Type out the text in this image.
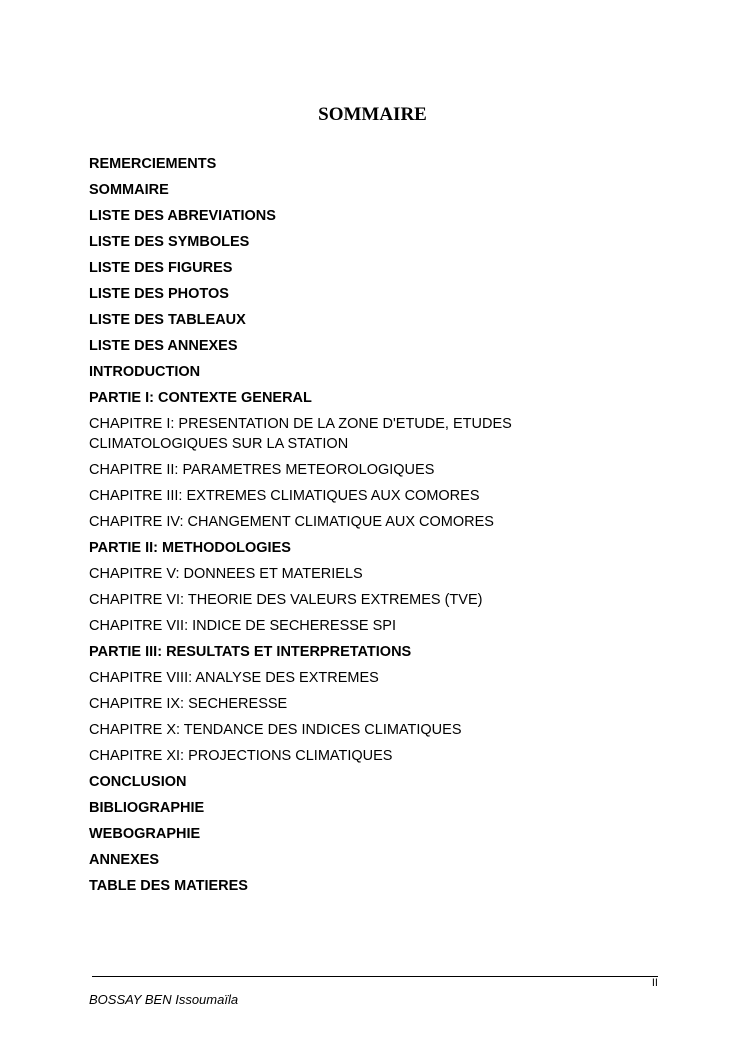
SOMMAIRE
REMERCIEMENTS
SOMMAIRE
LISTE DES ABREVIATIONS
LISTE DES SYMBOLES
LISTE DES FIGURES
LISTE DES PHOTOS
LISTE DES TABLEAUX
LISTE DES ANNEXES
INTRODUCTION
PARTIE I: CONTEXTE GENERAL
CHAPITRE I: PRESENTATION DE LA ZONE D'ETUDE, ETUDES CLIMATOLOGIQUES SUR LA STATION
CHAPITRE II: PARAMETRES METEOROLOGIQUES
CHAPITRE III: EXTREMES CLIMATIQUES AUX COMORES
CHAPITRE IV: CHANGEMENT CLIMATIQUE AUX COMORES
PARTIE II: METHODOLOGIES
CHAPITRE V: DONNEES ET MATERIELS
CHAPITRE VI: THEORIE DES VALEURS EXTREMES (TVE)
CHAPITRE VII: INDICE DE SECHERESSE SPI
PARTIE III: RESULTATS ET INTERPRETATIONS
CHAPITRE VIII: ANALYSE DES EXTREMES
CHAPITRE IX: SECHERESSE
CHAPITRE X: TENDANCE DES INDICES CLIMATIQUES
CHAPITRE XI: PROJECTIONS CLIMATIQUES
CONCLUSION
BIBLIOGRAPHIE
WEBOGRAPHIE
ANNEXES
TABLE DES MATIERES
II
BOSSAY BEN Issoumaïla
